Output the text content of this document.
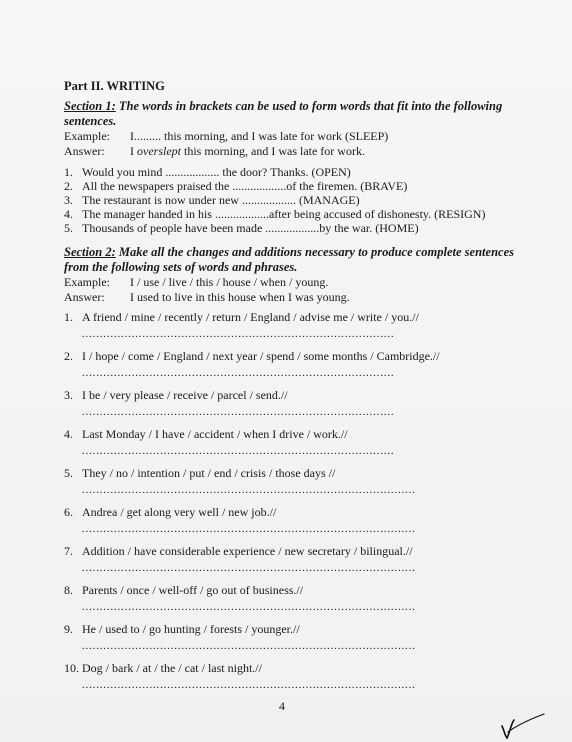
Part II. WRITING
Section 1: The words in brackets can be used to form words that fit into the following sentences.
Example: I......... this morning, and I was late for work (SLEEP)
Answer: I overslept this morning, and I was late for work.
1. Would you mind .................. the door? Thanks. (OPEN)
2. All the newspapers praised the ..................of the firemen. (BRAVE)
3. The restaurant is now under new .................. (MANAGE)
4. The manager handed in his ..................after being accused of dishonesty. (RESIGN)
5. Thousands of people have been made ..................by the war. (HOME)
Section 2: Make all the changes and additions necessary to produce complete sentences from the following sets of words and phrases.
Example: I / use / live / this / house / when / young.
Answer: I used to live in this house when I was young.
1. A friend / mine / recently / return / England / advise me / write / you.//
........................................................................................
2. I / hope / come / England / next year / spend / some months / Cambridge.//
........................................................................................
3. I be / very please / receive / parcel / send.//
........................................................................................
4. Last Monday / I have / accident / when I drive / work.//
........................................................................................
5. They / no / intention / put / end / crisis / those days //
..............................................................................................
6. Andrea / get along very well / new job.//
..............................................................................................
7. Addition / have considerable experience / new secretary / bilingual.//
..............................................................................................
8. Parents / once / well-off / go out of business.//
..............................................................................................
9. He / used to / go hunting / forests / younger.//
..............................................................................................
10. Dog / bark / at / the / cat / last night.//
..............................................................................................
4
